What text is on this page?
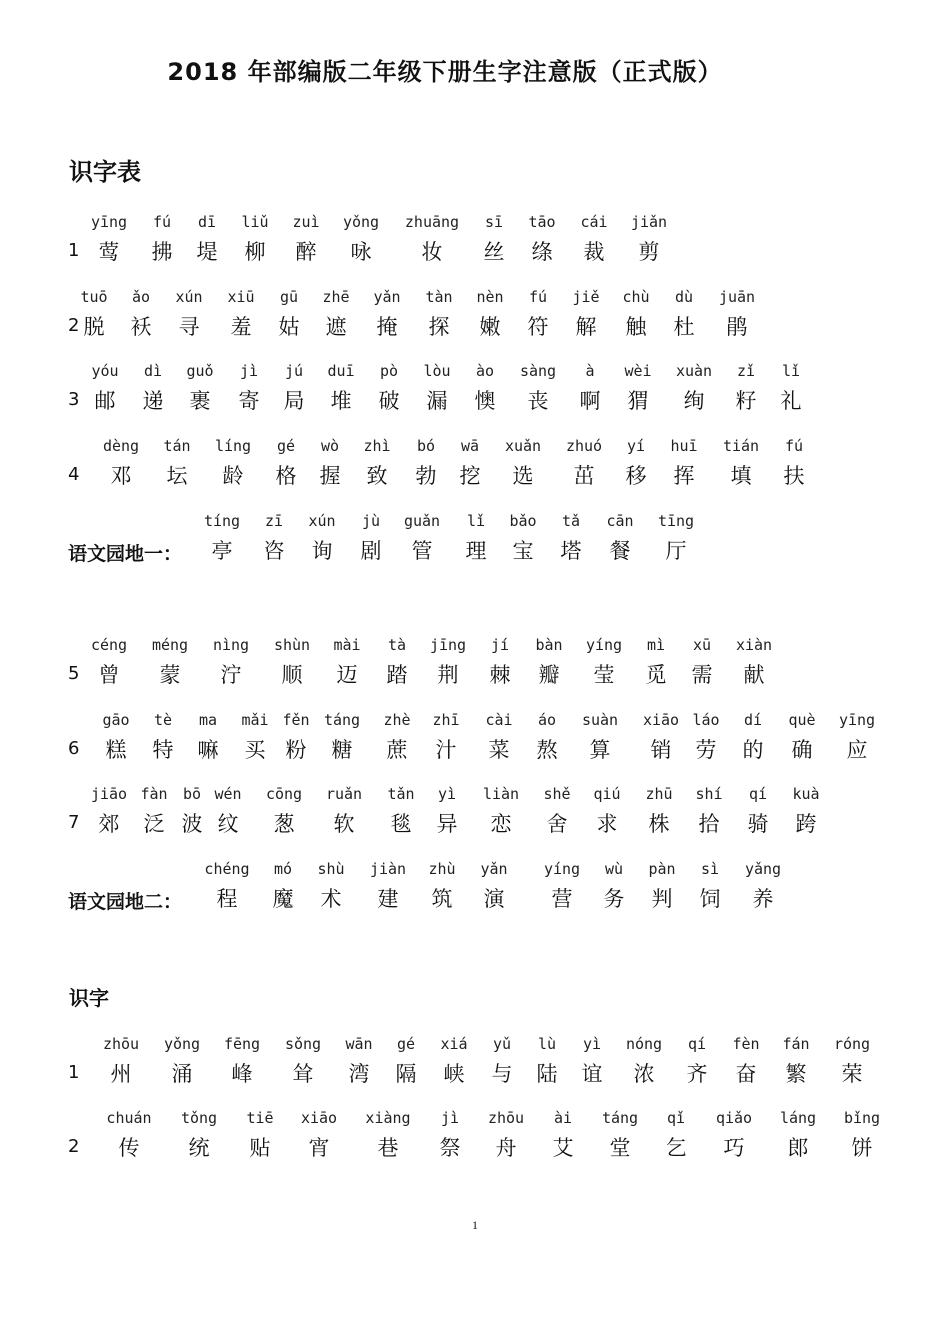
2018 年部编版二年级下册生字注意版（正式版）
识字表
识字
1
yīng
莺
fú
拂
dī
堤
liǔ
柳
zuì
醉
yǒng
咏
zhuāng
妆
sī
丝
tāo
绦
cái
裁
jiǎn
剪
2
tuō
脱
ǎo
袄
xún
寻
xiū
羞
gū
姑
zhē
遮
yǎn
掩
tàn
探
nèn
嫩
fú
符
jiě
解
chù
触
dù
杜
juān
鹃
3
yóu
邮
dì
递
guǒ
裹
jì
寄
jú
局
duī
堆
pò
破
lòu
漏
ào
懊
sàng
丧
à
啊
wèi
猬
xuàn
绚
zǐ
籽
lǐ
礼
4
dèng
邓
tán
坛
líng
龄
gé
格
wò
握
zhì
致
bó
勃
wā
挖
xuǎn
选
zhuó
茁
yí
移
huī
挥
tián
填
fú
扶
语文园地一：
tíng
亭
zī
咨
xún
询
jù
剧
guǎn
管
lǐ
理
bǎo
宝
tǎ
塔
cān
餐
tīng
厅
5
céng
曾
méng
蒙
nìng
泞
shùn
顺
mài
迈
tà
踏
jīng
荆
jí
棘
bàn
瓣
yíng
莹
mì
觅
xū
需
xiàn
献
6
gāo
糕
tè
特
ma
嘛
mǎi
买
fěn
粉
táng
糖
zhè
蔗
zhī
汁
cài
菜
áo
熬
suàn
算
xiāo
销
láo
劳
dí
的
què
确
yīng
应
7
jiāo
郊
fàn
泛
bō
波
wén
纹
cōng
葱
ruǎn
软
tǎn
毯
yì
异
liàn
恋
shě
舍
qiú
求
zhū
株
shí
拾
qí
骑
kuà
跨
语文园地二：
chéng
程
mó
魔
shù
术
jiàn
建
zhù
筑
yǎn
演
yíng
营
wù
务
pàn
判
sì
饲
yǎng
养
1
zhōu
州
yǒng
涌
fēng
峰
sǒng
耸
wān
湾
gé
隔
xiá
峡
yǔ
与
lù
陆
yì
谊
nóng
浓
qí
齐
fèn
奋
fán
繁
róng
荣
2
chuán
传
tǒng
统
tiē
贴
xiāo
宵
xiàng
巷
jì
祭
zhōu
舟
ài
艾
táng
堂
qǐ
乞
qiǎo
巧
láng
郎
bǐng
饼
1
